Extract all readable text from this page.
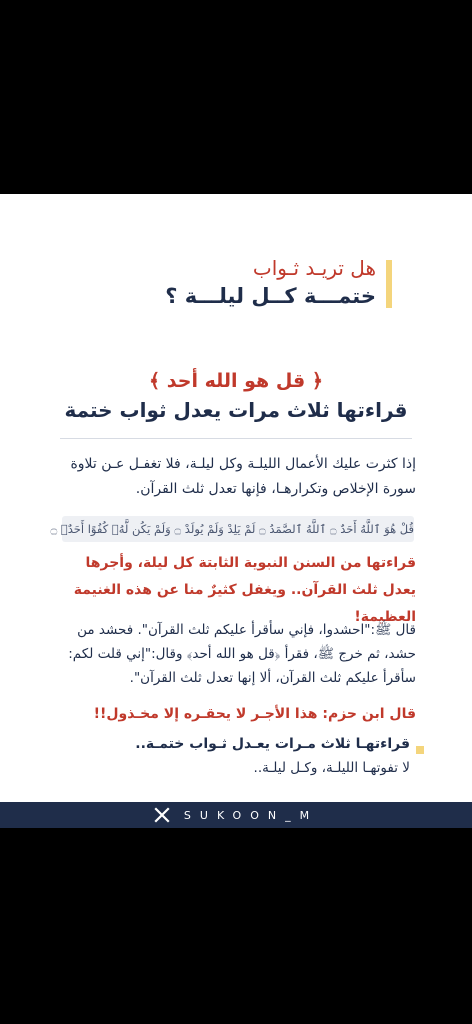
هل تريـد ثـواب
ختمـــة كــل ليلـــة ؟
﴿ قل هو الله أحد ﴾
قراءتها ثلاث مرات يعدل ثواب ختمة
إذا كثرت عليك الأعمال الليلـة وكل ليلـة، فلا تغفـل عـن تلاوة سورة الإخلاص وتكرارهـا، فإنها تعدل ثلث القرآن.
قُلْ هُوَ ٱللَّهُ أَحَدٌ ۝ ٱللَّهُ ٱلصَّمَدُ ۝ لَمْ يَلِدْ وَلَمْ يُولَدْ ۝ وَلَمْ يَكُن لَّهُۥ كُفُوًا أَحَدٌۢ ۝
قراءتها من السنن النبوية الثابتة كل ليلة، وأجرها يعدل ثلث القرآن.. ويغفل كثيرٌ منا عن هذه الغنيمة العظيمة!
قال ﷺ:"احشدوا، فإني سأقرأ عليكم ثلث القرآن". فحشد من حشد، ثم خرج ﷺ، فقرأ ﴿قل هو الله أحد﴾ وقال:"إني قلت لكم: سأقرأ عليكم ثلث القرآن، ألا إنها تعدل ثلث القرآن".
قال ابن حزم: هذا الأجـر لا يحقـره إلا مخـذول!!
قراءتهـا ثلاث مـرات يعـدل ثـواب ختمـة..
لا تفوتهـا الليلـة، وكـل ليلـة..
SUKOON_M
